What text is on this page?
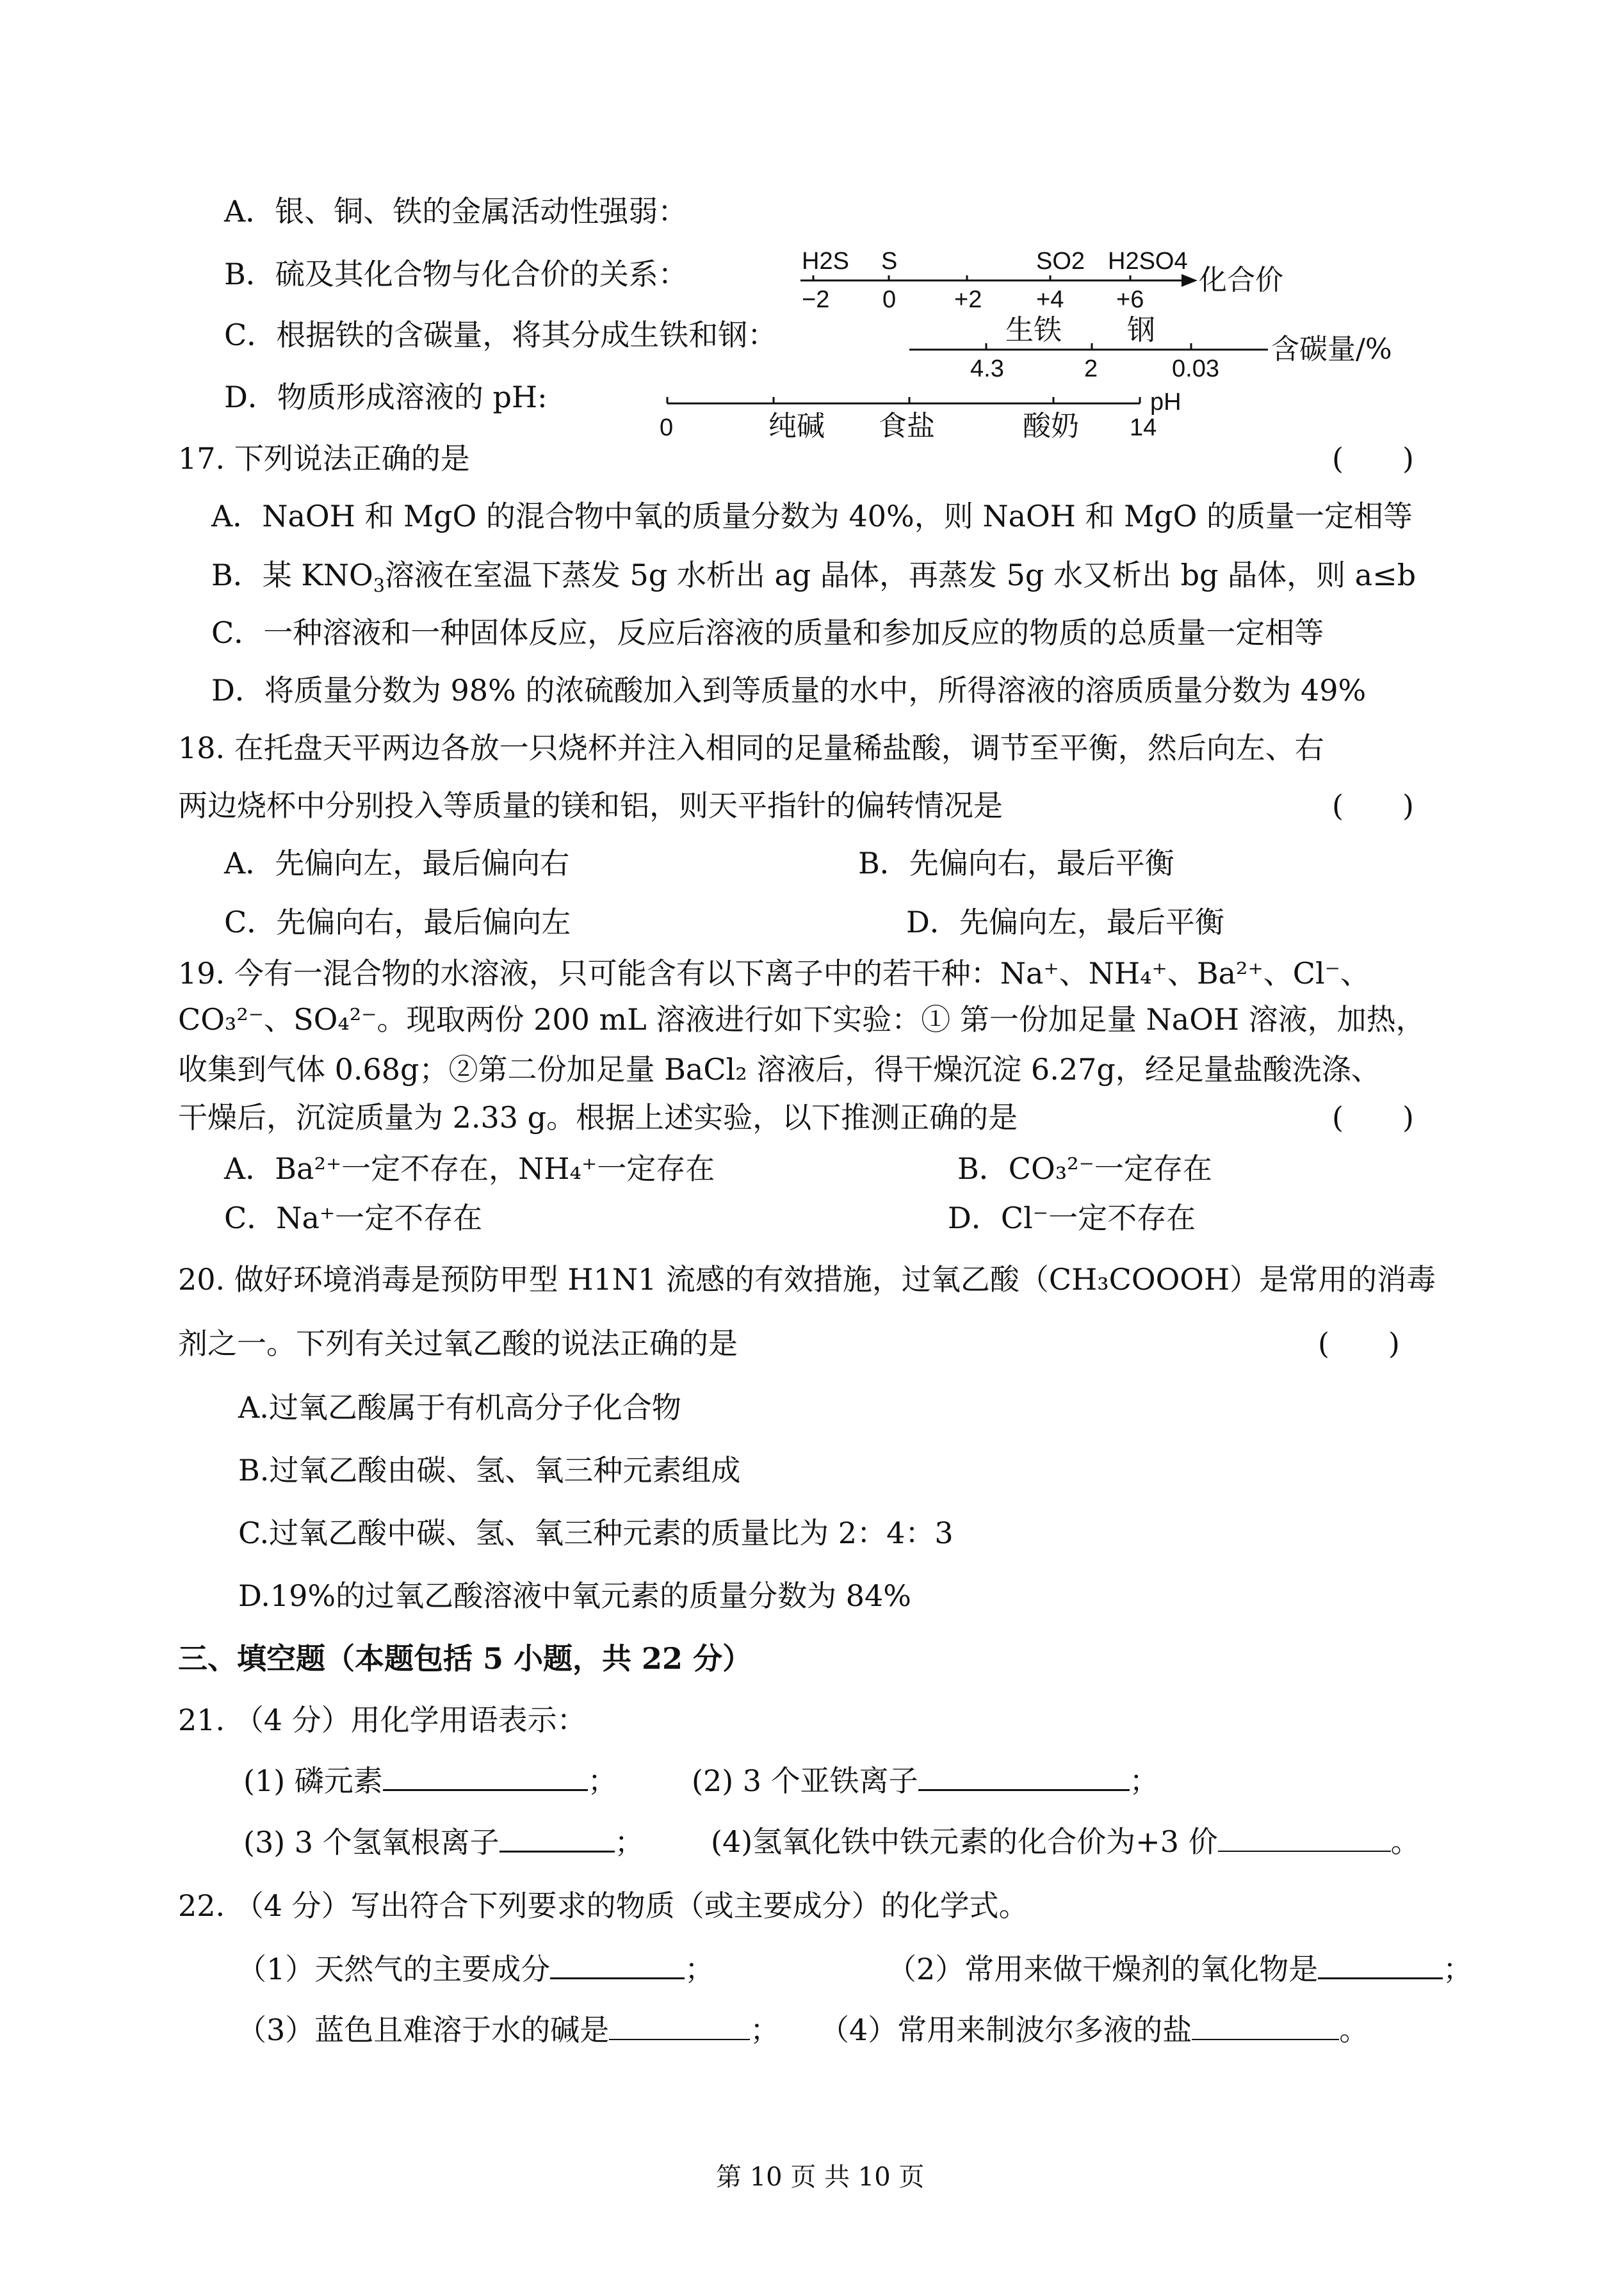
A．银、铜、铁的金属活动性强弱：
B．硫及其化合物与化合价的关系：
C．根据铁的含碳量，将其分成生铁和钢：
D．物质形成溶液的 pH:
H2S S	SO2 H2SO4
−2 0 +2 +4 +6
化合价
生铁 钢
4.3	2	0.03
含碳量/%
0	纯碱 食盐	酸奶 14
pH
17. 下列说法正确的是	(　　)
A．NaOH 和 MgO 的混合物中氧的质量分数为 40%，则 NaOH 和 MgO 的质量一定相等
B．某 $KNO_3$溶液在室温下蒸发 5g 水析出 ag 晶体，再蒸发 5g 水又析出 bg 晶体，则 a≤b
C．一种溶液和一种固体反应，反应后溶液的质量和参加反应的物质的总质量一定相等
D．将质量分数为 98% 的浓硫酸加入到等质量的水中，所得溶液的溶质质量分数为 49%
18. 在托盘天平两边各放一只烧杯并注入相同的足量稀盐酸，调节至平衡，然后向左、右
两边烧杯中分别投入等质量的镁和铝，则天平指针的偏转情况是	(　　)
A．先偏向左，最后偏向右	B．先偏向右，最后平衡
C．先偏向右，最后偏向左	D．先偏向左，最后平衡
19. 今有一混合物的水溶液，只可能含有以下离子中的若干种：Na⁺、NH₄⁺、Ba²⁺、Cl⁻、
CO₃²⁻、SO₄²⁻。现取两份 200 mL 溶液进行如下实验：① 第一份加足量 NaOH 溶液，加热，
收集到气体 0.68g；②第二份加足量 BaCl₂ 溶液后，得干燥沉淀 6.27g，经足量盐酸洗涤、
干燥后，沉淀质量为 2.33 g。根据上述实验，以下推测正确的是	(　　)
A．Ba²⁺一定不存在，NH₄⁺一定存在	B．CO₃²⁻一定存在
C．Na⁺一定不存在	D．Cl⁻一定不存在
20. 做好环境消毒是预防甲型 H1N1 流感的有效措施，过氧乙酸（CH₃COOOH）是常用的消毒
剂之一。下列有关过氧乙酸的说法正确的是	(　　)
A.过氧乙酸属于有机高分子化合物
B.过氧乙酸由碳、氢、氧三种元素组成
C.过氧乙酸中碳、氢、氧三种元素的质量比为 2：4：3
D.19%的过氧乙酸溶液中氧元素的质量分数为 84%
三、填空题（本题包括 5 小题，共 22 分）
21. （4 分）用化学用语表示：
(1) 磷元素	；	(2) 3 个亚铁离子	；
(3) 3 个氢氧根离子	； (4)氢氧化铁中铁元素的化合价为+3 价	。
22. （4 分）写出符合下列要求的物质（或主要成分）的化学式。
（1）天然气的主要成分	；	（2）常用来做干燥剂的氧化物是	；
（3）蓝色且难溶于水的碱是	； （4）常用来制波尔多液的盐	。
第 10 页 共 10 页
